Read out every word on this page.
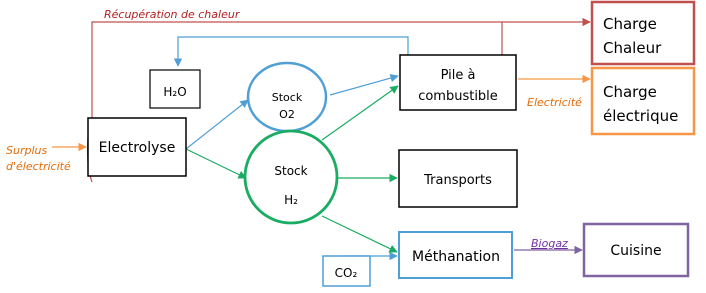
Charge
Chaleur
Charge
électrique
Pile à
combustible
H₂O	Stock
O2
Electrolyse
Stock
H₂
Transports
Méthanation
CO₂
Cuisine
Récupération de chaleur
Surplus
d'électricité
Electricité
Biogaz
